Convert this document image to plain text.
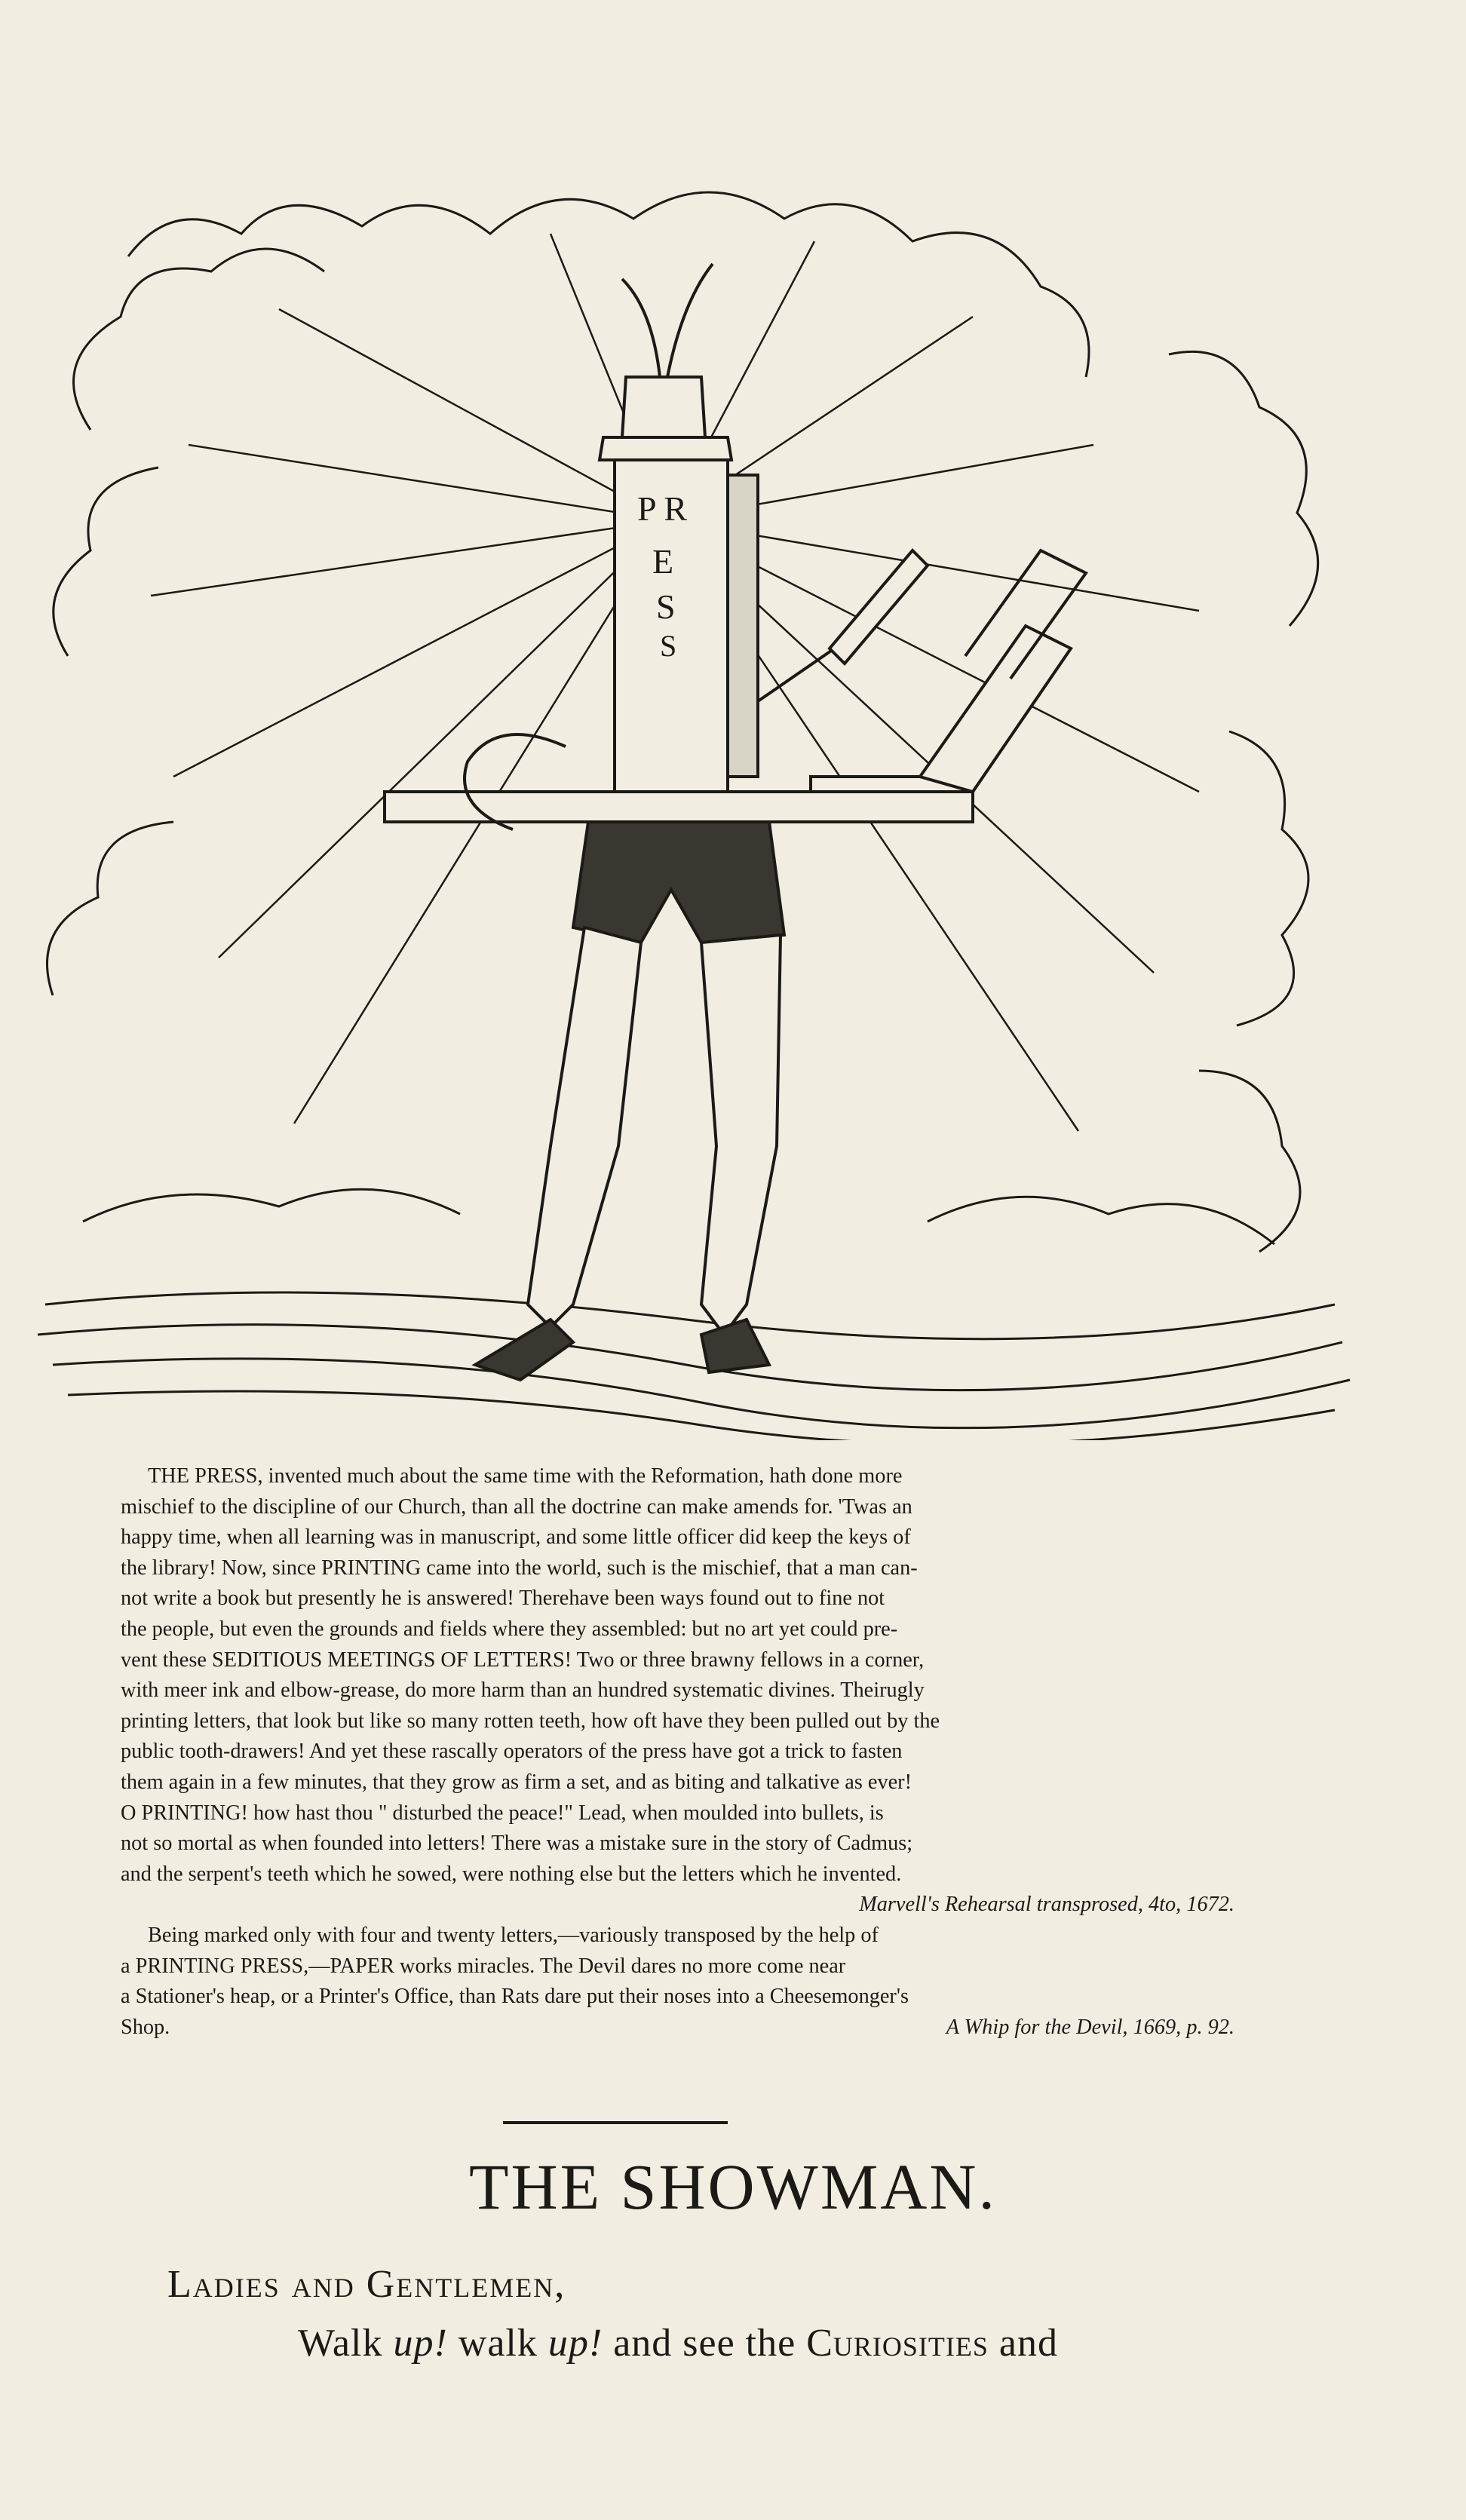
P R
E
S
S

THE PRESS, invented much about the same time with the Reformation, hath done more

mischief to the discipline of our Church, than all the doctrine can make amends for. 'Twas an

happy time, when all learning was in manuscript, and some little officer did keep the keys of

the library! Now, since PRINTING came into the world, such is the mischief, that a man can-

not write a book but presently he is answered! Therehave been ways found out to fine not

the people, but even the grounds and fields where they assembled: but no art yet could pre-

vent these SEDITIOUS MEETINGS OF LETTERS! Two or three brawny fellows in a corner,

with meer ink and elbow-grease, do more harm than an hundred systematic divines. Theirugly

printing letters, that look but like so many rotten teeth, how oft have they been pulled out by the

public tooth-drawers! And yet these rascally operators of the press have got a trick to fasten

them again in a few minutes, that they grow as firm a set, and as biting and talkative as ever!

O PRINTING! how hast thou " disturbed the peace!" Lead, when moulded into bullets, is

not so mortal as when founded into letters! There was a mistake sure in the story of Cadmus;

and the serpent's teeth which he sowed, were nothing else but the letters which he invented.

Marvell's Rehearsal transprosed, 4to, 1672.

Being marked only with four and twenty letters,—variously transposed by the help of

a PRINTING PRESS,—PAPER works miracles. The Devil dares no more come near

a Stationer's heap, or a Printer's Office, than Rats dare put their noses into a Cheesemonger's

Shop.	A Whip for the Devil, 1669, p. 92.
THE SHOWMAN.

Ladies and Gentlemen,

Walk up! walk up! and see the Curiosities and
